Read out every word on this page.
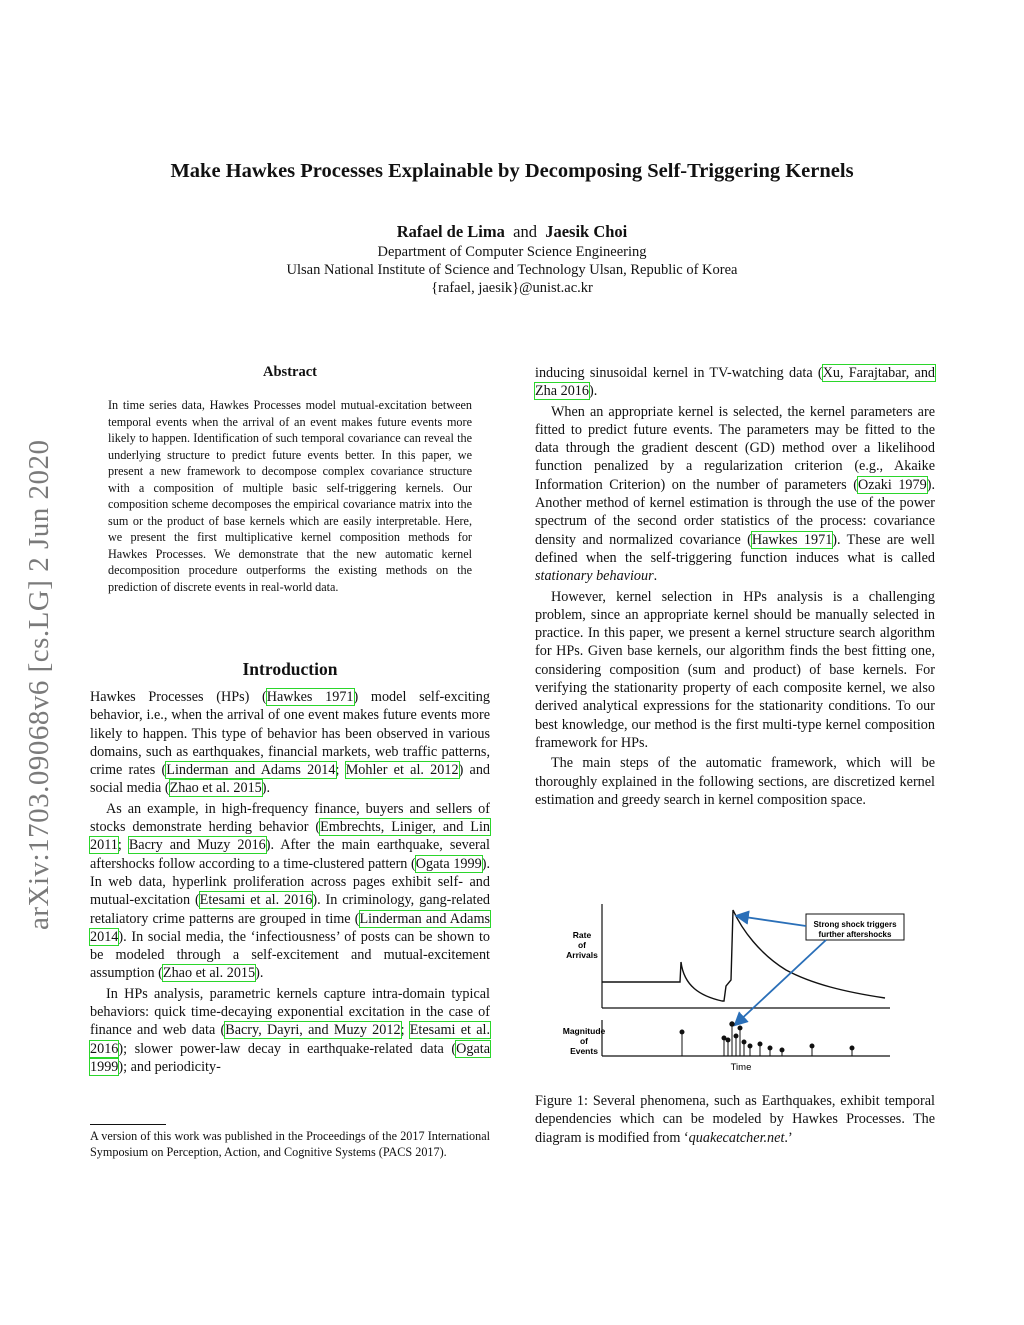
arXiv:1703.09068v6 [cs.LG] 2 Jun 2020
Make Hawkes Processes Explainable by Decomposing Self-Triggering Kernels
Rafael de Lima and Jaesik Choi
Department of Computer Science Engineering
Ulsan National Institute of Science and Technology Ulsan, Republic of Korea
{rafael, jaesik}@unist.ac.kr
Abstract
In time series data, Hawkes Processes model mutual-excitation between temporal events when the arrival of an event makes future events more likely to happen. Identification of such temporal covariance can reveal the underlying structure to predict future events better. In this paper, we present a new framework to decompose complex covariance structure with a composition of multiple basic self-triggering kernels. Our composition scheme decomposes the empirical covariance matrix into the sum or the product of base kernels which are easily interpretable. Here, we present the first multiplicative kernel composition methods for Hawkes Processes. We demonstrate that the new automatic kernel decomposition procedure outperforms the existing methods on the prediction of discrete events in real-world data.
Introduction

Hawkes Processes (HPs) (Hawkes 1971) model self-exciting behavior, i.e., when the arrival of one event makes future events more likely to happen. This type of behavior has been observed in various domains, such as earthquakes, financial markets, web traffic patterns, crime rates (Linderman and Adams 2014; Mohler et al. 2012) and social media (Zhao et al. 2015).

As an example, in high-frequency finance, buyers and sellers of stocks demonstrate herding behavior (Embrechts, Liniger, and Lin 2011; Bacry and Muzy 2016). After the main earthquake, several aftershocks follow according to a time-clustered pattern (Ogata 1999). In web data, hyperlink proliferation across pages exhibit self- and mutual-excitation (Etesami et al. 2016). In criminology, gang-related retaliatory crime patterns are grouped in time (Linderman and Adams 2014). In social media, the ‘infectiousness’ of posts can be shown to be modeled through a self-excitement and mutual-excitement assumption (Zhao et al. 2015).

In HPs analysis, parametric kernels capture intra-domain typical behaviors: quick time-decaying exponential excitation in the case of finance and web data (Bacry, Dayri, and Muzy 2012; Etesami et al. 2016); slower power-law decay in earthquake-related data (Ogata 1999); and periodicity-

A version of this work was published in the Proceedings of the 2017 International Symposium on Perception, Action, and Cognitive Systems (PACS 2017).

inducing sinusoidal kernel in TV-watching data (Xu, Farajtabar, and Zha 2016).

When an appropriate kernel is selected, the kernel parameters are fitted to predict future events. The parameters may be fitted to the data through the gradient descent (GD) method over a likelihood function penalized by a regularization criterion (e.g., Akaike Information Criterion) on the number of parameters (Ozaki 1979). Another method of kernel estimation is through the use of the power spectrum of the second order statistics of the process: covariance density and normalized covariance (Hawkes 1971). These are well defined when the self-triggering function induces what is called stationary behaviour.

However, kernel selection in HPs analysis is a challenging problem, since an appropriate kernel should be manually selected in practice. In this paper, we present a kernel structure search algorithm for HPs. Given base kernels, our algorithm finds the best fitting one, considering composition (sum and product) of base kernels. For verifying the stationarity property of each composite kernel, we also derived analytical expressions for the stationarity conditions. To our best knowledge, our method is the first multi-type kernel composition framework for HPs.

The main steps of the automatic framework, which will be thoroughly explained in the following sections, are discretized kernel estimation and greedy search in kernel composition space.

Rate
of
Arrivals
Strong shock triggers
further aftershocks
Magnitude
of
Events
Time
Figure 1: Several phenomena, such as Earthquakes, exhibit temporal dependencies which can be modeled by Hawkes Processes. The diagram is modified from ‘quakecatcher.net.’
